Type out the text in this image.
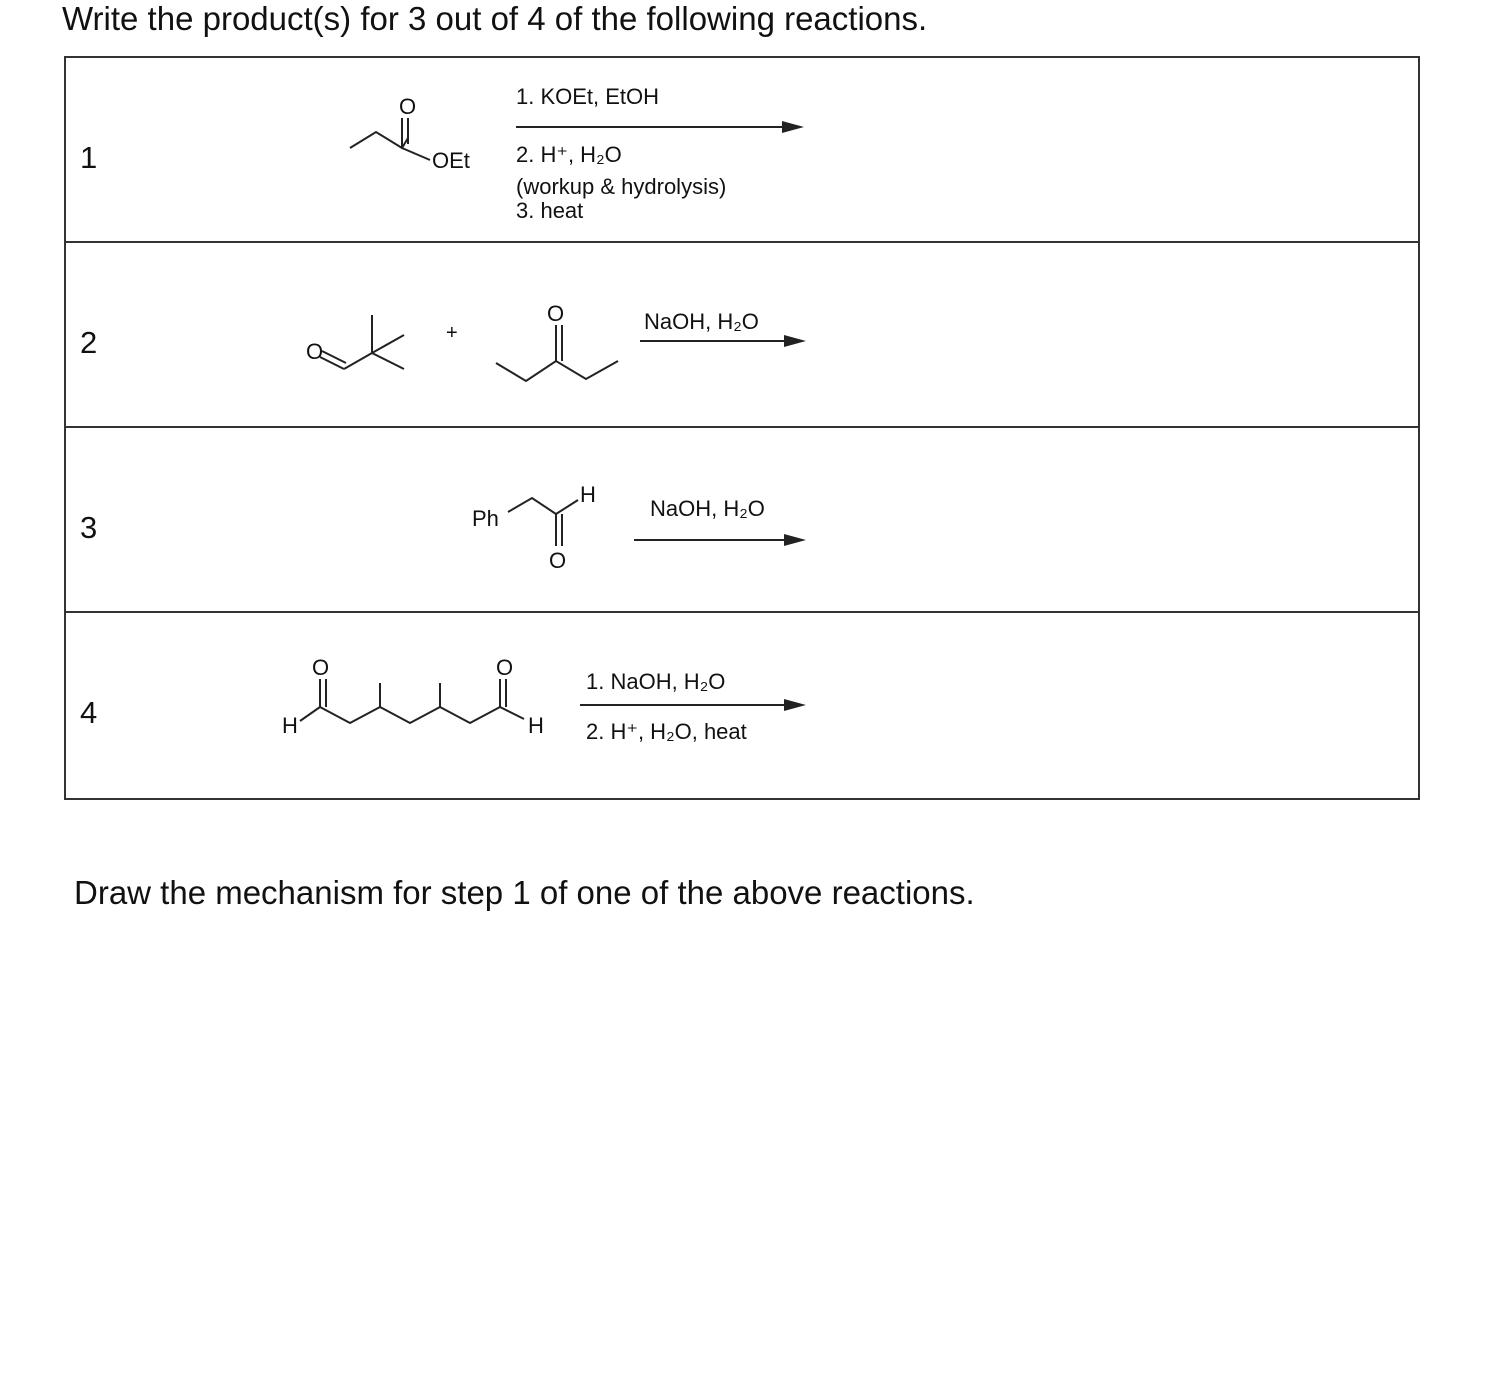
Write the product(s) for 3 out of 4 of the following reactions.
1
O
OEt
1. KOEt, EtOH
2. H⁺, H₂O
(workup & hydrolysis)
3. heat
2	O
+
O	NaOH, H₂O
3	Ph
H
O
NaOH, H₂O
4	H
O	O
H
1. NaOH, H₂O
2. H⁺, H₂O, heat

Draw the mechanism for step 1 of one of the above reactions.
